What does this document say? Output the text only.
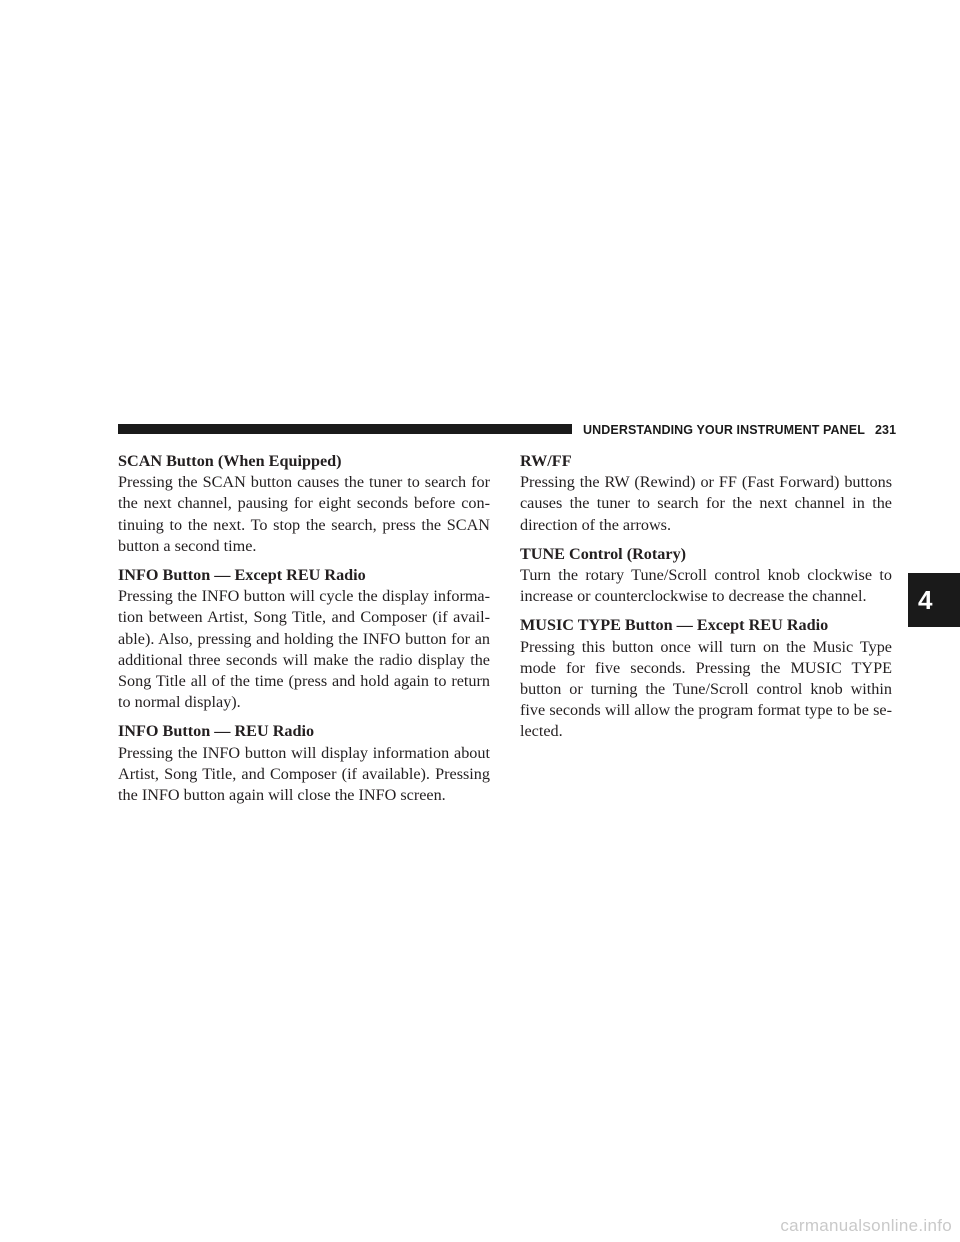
UNDERSTANDING YOUR INSTRUMENT PANEL 231
SCAN Button (When Equipped)

Pressing the SCAN button causes the tuner to search for the next channel, pausing for eight seconds before con-tinuing to the next. To stop the search, press the SCAN button a second time.

INFO Button — Except REU Radio

Pressing the INFO button will cycle the display informa-tion between Artist, Song Title, and Composer (if avail-able). Also, pressing and holding the INFO button for an additional three seconds will make the radio display the Song Title all of the time (press and hold again to return to normal display).

INFO Button — REU Radio

Pressing the INFO button will display information about Artist, Song Title, and Composer (if available). Pressing the INFO button again will close the INFO screen.

RW/FF

Pressing the RW (Rewind) or FF (Fast Forward) buttons causes the tuner to search for the next channel in the direction of the arrows.

TUNE Control (Rotary)

Turn the rotary Tune/Scroll control knob clockwise to increase or counterclockwise to decrease the channel.

MUSIC TYPE Button — Except REU Radio

Pressing this button once will turn on the Music Type mode for five seconds. Pressing the MUSIC TYPE button or turning the Tune/Scroll control knob within five seconds will allow the program format type to be se-lected.

4
carmanualsonline.info
